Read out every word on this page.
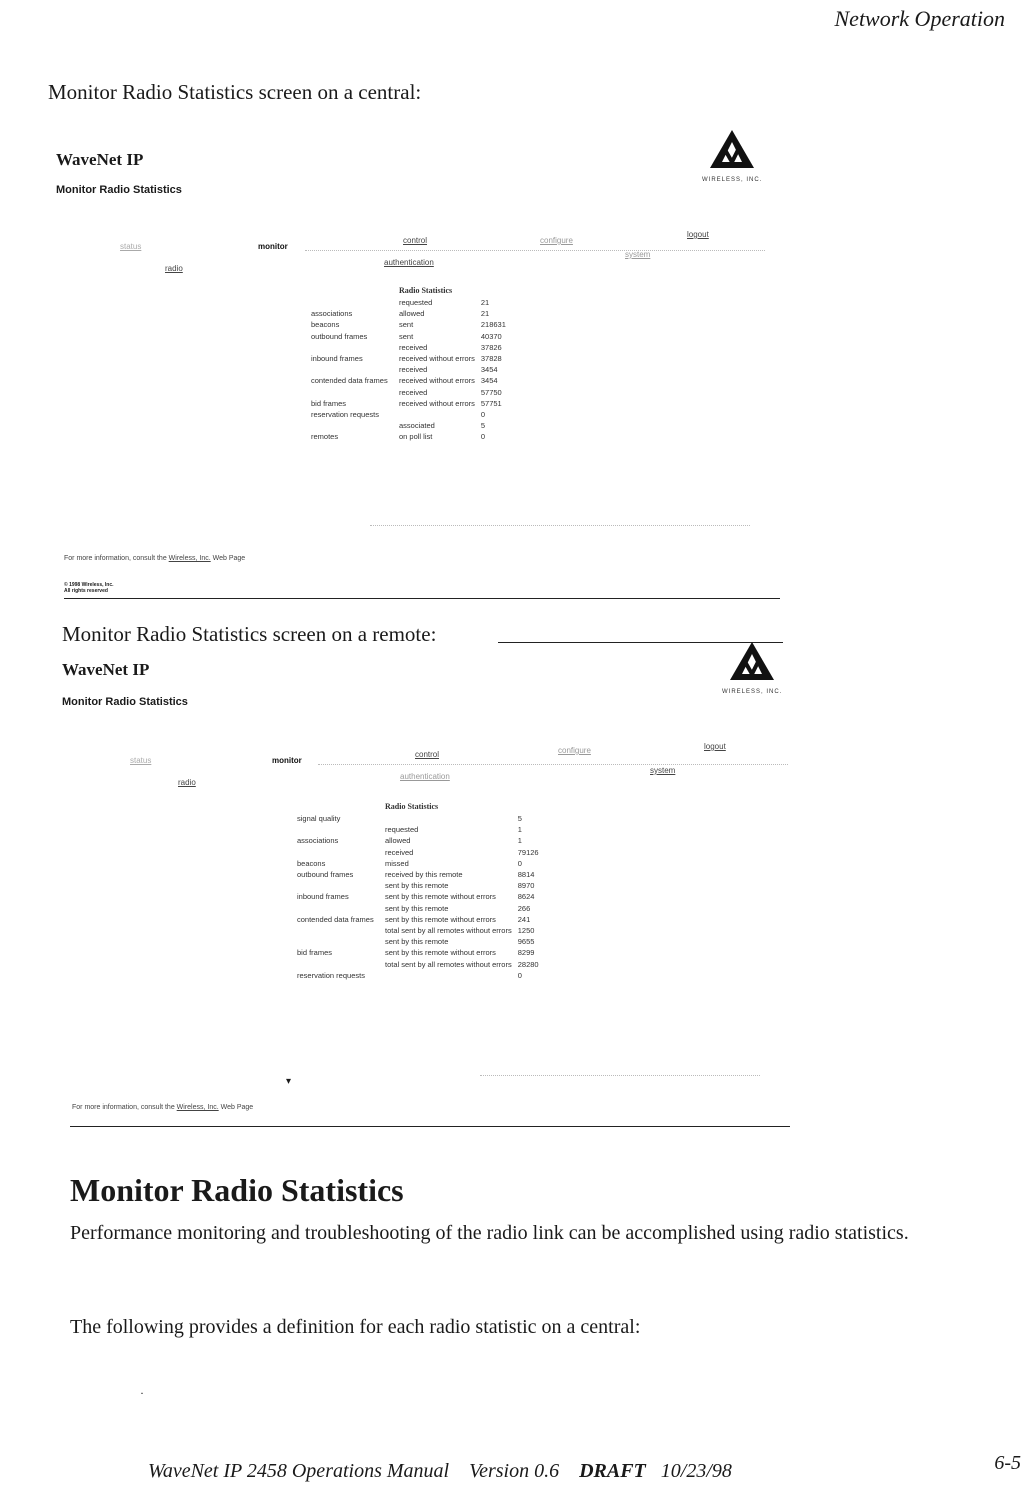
Network Operation
Monitor Radio Statistics screen on a central:
WaveNet IP
Monitor Radio Statistics
WIRELESS, INC.
status	monitor
control	configure
logout
radio
authentication
system
	Radio Statistics	
	requested	21
associations	allowed	21
beacons	sent	218631
outbound frames	sent	40370
	received	37826
inbound frames	received without errors	37828
	received	3454
contended data frames	received without errors	3454
	received	57750
bid frames	received without errors	57751
reservation requests		0
	associated	5
remotes	on poll list	0
For more information, consult the Wireless, Inc. Web Page
© 1998 Wireless, Inc.
All rights reserved
Monitor Radio Statistics screen on a remote:
WaveNet IP
Monitor Radio Statistics
WIRELESS, INC.
status	monitor
control	configure	logout
radio
authentication
system
	Radio Statistics	
signal quality		5
	requested	1
associations	allowed	1
	received	79126
beacons	missed	0
outbound frames	received by this remote	8814
	sent by this remote	8970
inbound frames	sent by this remote without errors	8624
	sent by this remote	266
contended data frames	sent by this remote without errors	241
	total sent by all remotes without errors	1250
	sent by this remote	9655
bid frames	sent by this remote without errors	8299
	total sent by all remotes without errors	28280
reservation requests		0
▾
For more information, consult the Wireless, Inc. Web Page
Monitor Radio Statistics
Performance monitoring and troubleshooting of the radio link can be accomplished using radio statistics.
The following provides a definition for each radio statistic on a central:
·
WaveNet IP 2458 Operations Manual Version 0.6 DRAFT 10/23/98	6-5
